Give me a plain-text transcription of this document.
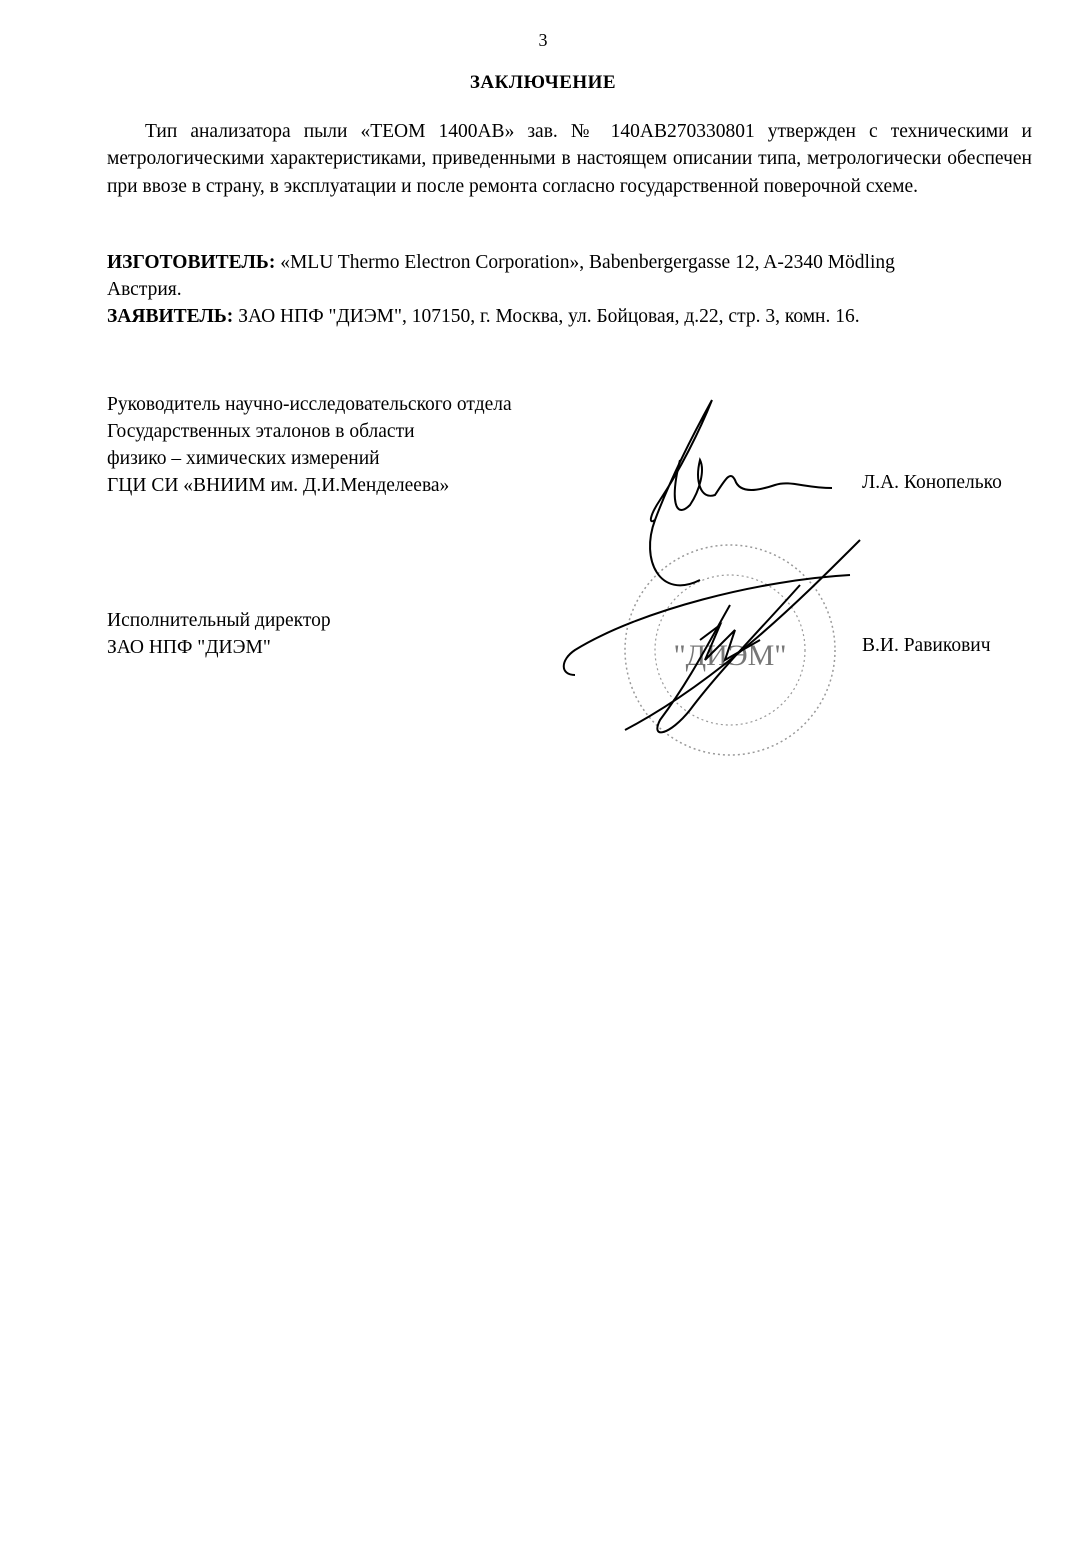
3
ЗАКЛЮЧЕНИЕ
Тип анализатора пыли «TEOM 1400AB» зав. № 140AB270330801 утвержден с техническими и метрологическими характеристиками, приведенными в настоящем описании типа, метрологически обеспечен при ввозе в страну, в эксплуатации и после ремонта согласно государственной поверочной схеме.
ИЗГОТОВИТЕЛЬ: «MLU Thermo Electron Corporation», Babenbergergasse 12, A-2340 Mödling
Австрия.
ЗАЯВИТЕЛЬ: ЗАО НПФ "ДИЭМ", 107150, г. Москва, ул. Бойцовая, д.22, стр. 3, комн. 16.
Руководитель научно-исследовательского отдела
Государственных эталонов в области
физико – химических измерений
ГЦИ СИ «ВНИИМ им. Д.И.Менделеева»	Л.А. Конопелько
Исполнительный директор
ЗАО НПФ "ДИЭМ"	В.И. Равикович
"ДИЭМ"
